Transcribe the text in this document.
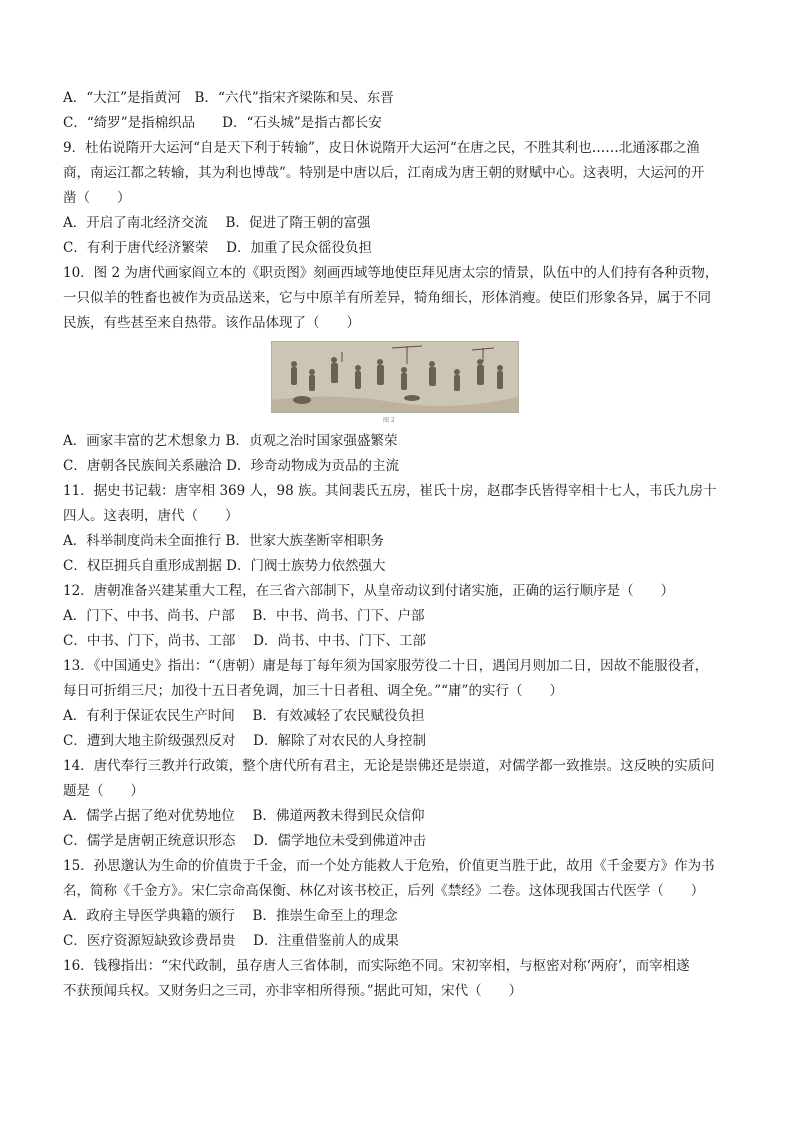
A．“大江”是指黄河　B．“六代”指宋齐梁陈和吴、东晋
C．“绮罗”是指棉织品　　D．“石头城”是指古都长安
9．杜佑说隋开大运河“自是天下利于转输”，皮日休说隋开大运河“在唐之民，不胜其利也……北通涿郡之渔
商，南运江都之转输，其为利也博哉”。特别是中唐以后，江南成为唐王朝的财赋中心。这表明，大运河的开
凿（　　）
A．开启了南北经济交流　 B．促进了隋王朝的富强
C．有利于唐代经济繁荣　 D．加重了民众徭役负担
10．图 2 为唐代画家阎立本的《职贡图》刻画西域等地使臣拜见唐太宗的情景，队伍中的人们持有各种贡物，
一只似羊的牲畜也被作为贡品送来，它与中原羊有所差异，犄角细长，形体消瘦。使臣们形象各异，属于不同
民族，有些甚至来自热带。该作品体现了（　　）
图 2
A．画家丰富的艺术想象力 B．贞观之治时国家强盛繁荣
C．唐朝各民族间关系融洽 D．珍奇动物成为贡品的主流
11．据史书记载：唐宰相 369 人，98 族。其间裴氏五房，崔氏十房，赵郡李氏皆得宰相十七人，韦氏九房十
四人。这表明，唐代（　　）
A．科举制度尚未全面推行 B．世家大族垄断宰相职务
C．权臣拥兵自重形成割据 D．门阀士族势力依然强大
12．唐朝准备兴建某重大工程，在三省六部制下，从皇帝动议到付诸实施，正确的运行顺序是（　　）
A．门下、中书、尚书、户部　 B．中书、尚书、门下、户部
C．中书、门下，尚书、工部　 D．尚书、中书、门下、工部
13．《中国通史》指出：“（唐朝）庸是每丁每年须为国家服劳役二十日，遇闰月则加二日，因故不能服役者，
每日可折绢三尺；加役十五日者免调，加三十日者租、调全免。”“庸”的实行（　　）
A．有利于保证农民生产时间　 B．有效减轻了农民赋役负担
C．遭到大地主阶级强烈反对　 D．解除了对农民的人身控制
14．唐代奉行三教并行政策，整个唐代所有君主，无论是崇佛还是崇道，对儒学都一致推崇。这反映的实质问
题是（　　）
A．儒学占据了绝对优势地位　 B．佛道两教未得到民众信仰
C．儒学是唐朝正统意识形态　 D．儒学地位未受到佛道冲击
15．孙思邈认为生命的价值贵于千金，而一个处方能救人于危殆，价值更当胜于此，故用《千金要方》作为书
名，简称《千金方》。宋仁宗命高保衡、林亿对该书校正，后列《禁经》二卷。这体现我国古代医学（　　）
A．政府主导医学典籍的颁行　 B．推崇生命至上的理念
C．医疗资源短缺致诊费昂贵　 D．注重借鉴前人的成果
16．钱穆指出：“宋代政制，虽存唐人三省体制，而实际绝不同。宋初宰相，与枢密对称‘两府’，而宰相遂
不获预闻兵权。又财务归之三司，亦非宰相所得预。”据此可知，宋代（　　）
